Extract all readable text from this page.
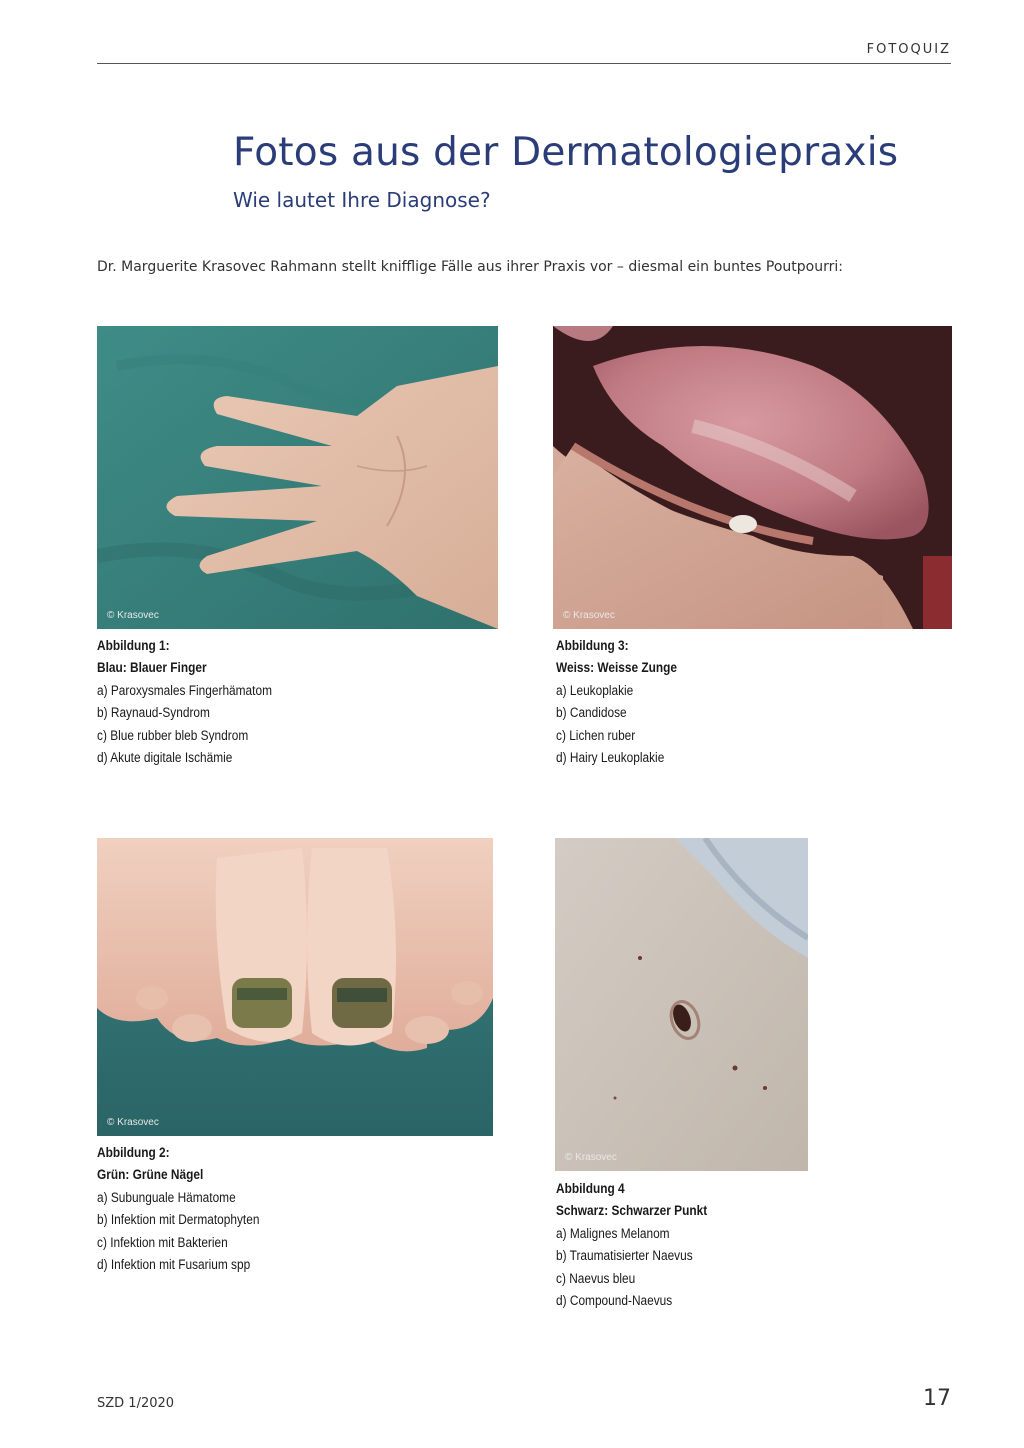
FOTOQUIZ
Fotos aus der Dermatologiepraxis
Wie lautet Ihre Diagnose?
Dr. Marguerite Krasovec Rahmann stellt knifflige Fälle aus ihrer Praxis vor – diesmal ein buntes Poutpourri:
© Krasovec
Abbildung 1:
Blau: Blauer Finger
a) Paroxysmales Fingerhämatom
b) Raynaud-Syndrom
c) Blue rubber bleb Syndrom
d) Akute digitale Ischämie
© Krasovec
Abbildung 3:
Weiss: Weisse Zunge
a) Leukoplakie
b) Candidose
c) Lichen ruber
d) Hairy Leukoplakie
© Krasovec
Abbildung 2:
Grün: Grüne Nägel
a) Subunguale Hämatome
b) Infektion mit Dermatophyten
c) Infektion mit Bakterien
d) Infektion mit Fusarium spp
© Krasovec
Abbildung 4
Schwarz: Schwarzer Punkt
a) Malignes Melanom
b) Traumatisierter Naevus
c) Naevus bleu
d) Compound-Naevus
SZD 1/2020	17
